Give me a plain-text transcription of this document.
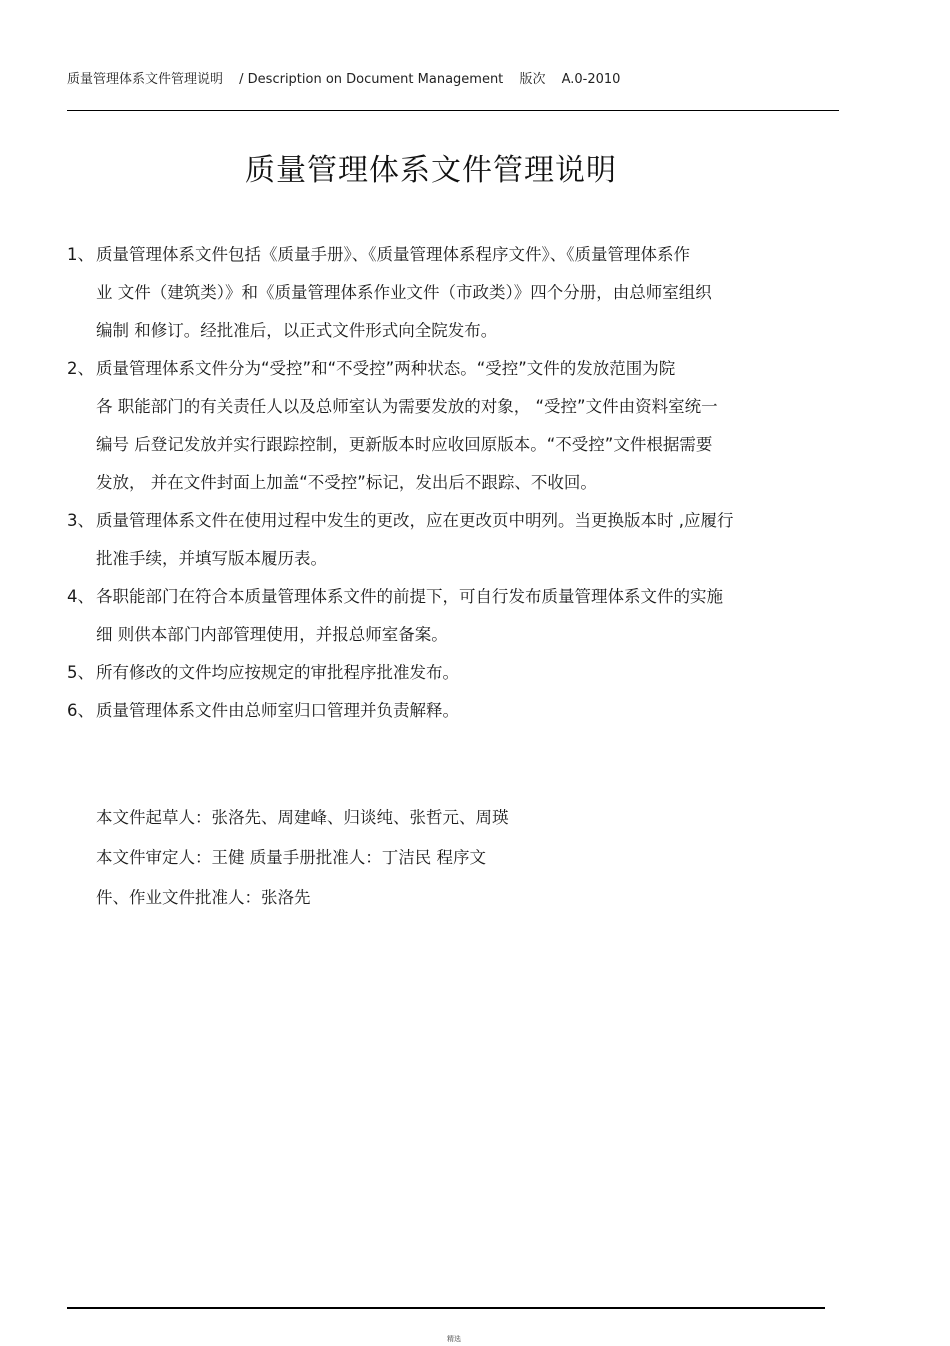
质量管理体系文件管理说明 / Description on Document Management 版次 A.0-2010
质量管理体系文件管理说明
1、 质量管理体系文件包括《质量手册》、《质量管理体系程序文件》、《质量管理体系作
业 文件（建筑类）》和《质量管理体系作业文件（市政类）》四个分册，由总师室组织
编制 和修订。经批准后，以正式文件形式向全院发布。
2、 质量管理体系文件分为“受控”和“不受控”两种状态。“受控”文件的发放范围为院
各 职能部门的有关责任人以及总师室认为需要发放的对象， “受控”文件由资料室统一
编号 后登记发放并实行跟踪控制，更新版本时应收回原版本。“不受控”文件根据需要
发放， 并在文件封面上加盖“不受控”标记，发出后不跟踪、不收回。
3、 质量管理体系文件在使用过程中发生的更改，应在更改页中明列。当更换版本时 ,应履行
批准手续，并填写版本履历表。
4、 各职能部门在符合本质量管理体系文件的前提下，可自行发布质量管理体系文件的实施
细 则供本部门内部管理使用，并报总师室备案。
5、 所有修改的文件均应按规定的审批程序批准发布。
6、 质量管理体系文件由总师室归口管理并负责解释。
本文件起草人：张洛先、周建峰、归谈纯、张哲元、周瑛
本文件审定人：王健 质量手册批准人：丁洁民 程序文
件、作业文件批准人：张洛先
精选
